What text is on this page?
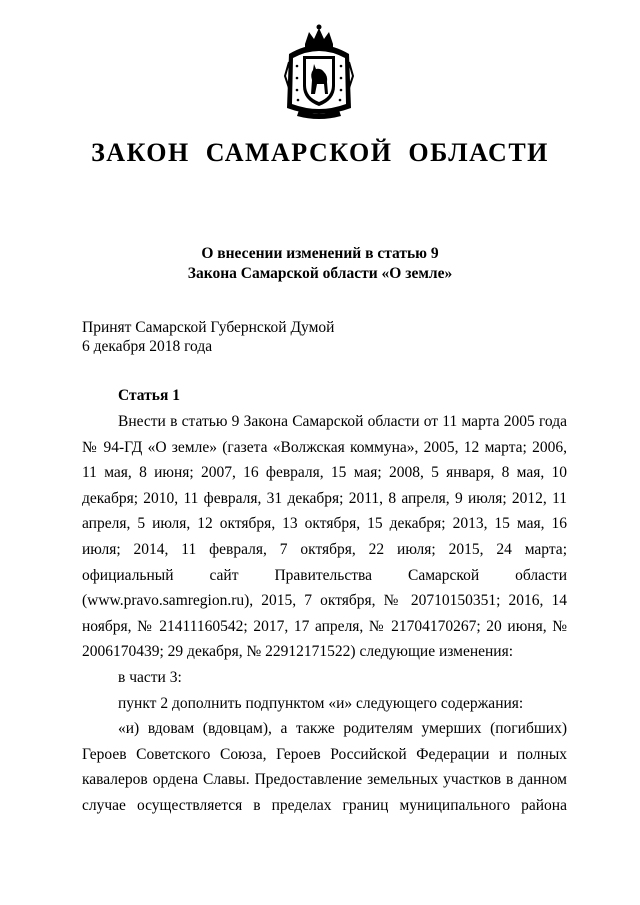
ЗАКОН САМАРСКОЙ ОБЛАСТИ
О внесении изменений в статью 9
Закона Самарской области «О земле»
Принят Самарской Губернской Думой
6 декабря 2018 года
Статья 1

Внести в статью 9 Закона Самарской области от 11 марта 2005 года № 94-ГД «О земле» (газета «Волжская коммуна», 2005, 12 марта; 2006, 11 мая, 8 июня; 2007, 16 февраля, 15 мая; 2008, 5 января, 8 мая, 10 декабря; 2010, 11 февраля, 31 декабря; 2011, 8 апреля, 9 июля; 2012, 11 апреля, 5 июля, 12 октября, 13 октября, 15 декабря; 2013, 15 мая, 16 июля; 2014, 11 февраля, 7 октября, 22 июля; 2015, 24 марта; официальный сайт Правительства Самарской области (www.pravo.samregion.ru), 2015, 7 октября, № 20710150351; 2016, 14 ноября, № 21411160542; 2017, 17 апреля, № 21704170267; 20 июня, № 2006170439; 29 декабря, № 22912171522) следующие изменения:

в части 3:

пункт 2 дополнить подпунктом «и» следующего содержания:

«и) вдовам (вдовцам), а также родителям умерших (погибших) Героев Советского Союза, Героев Российской Федерации и полных кавалеров ордена Славы. Предоставление земельных участков в данном случае осуществляется в пределах границ муниципального района
